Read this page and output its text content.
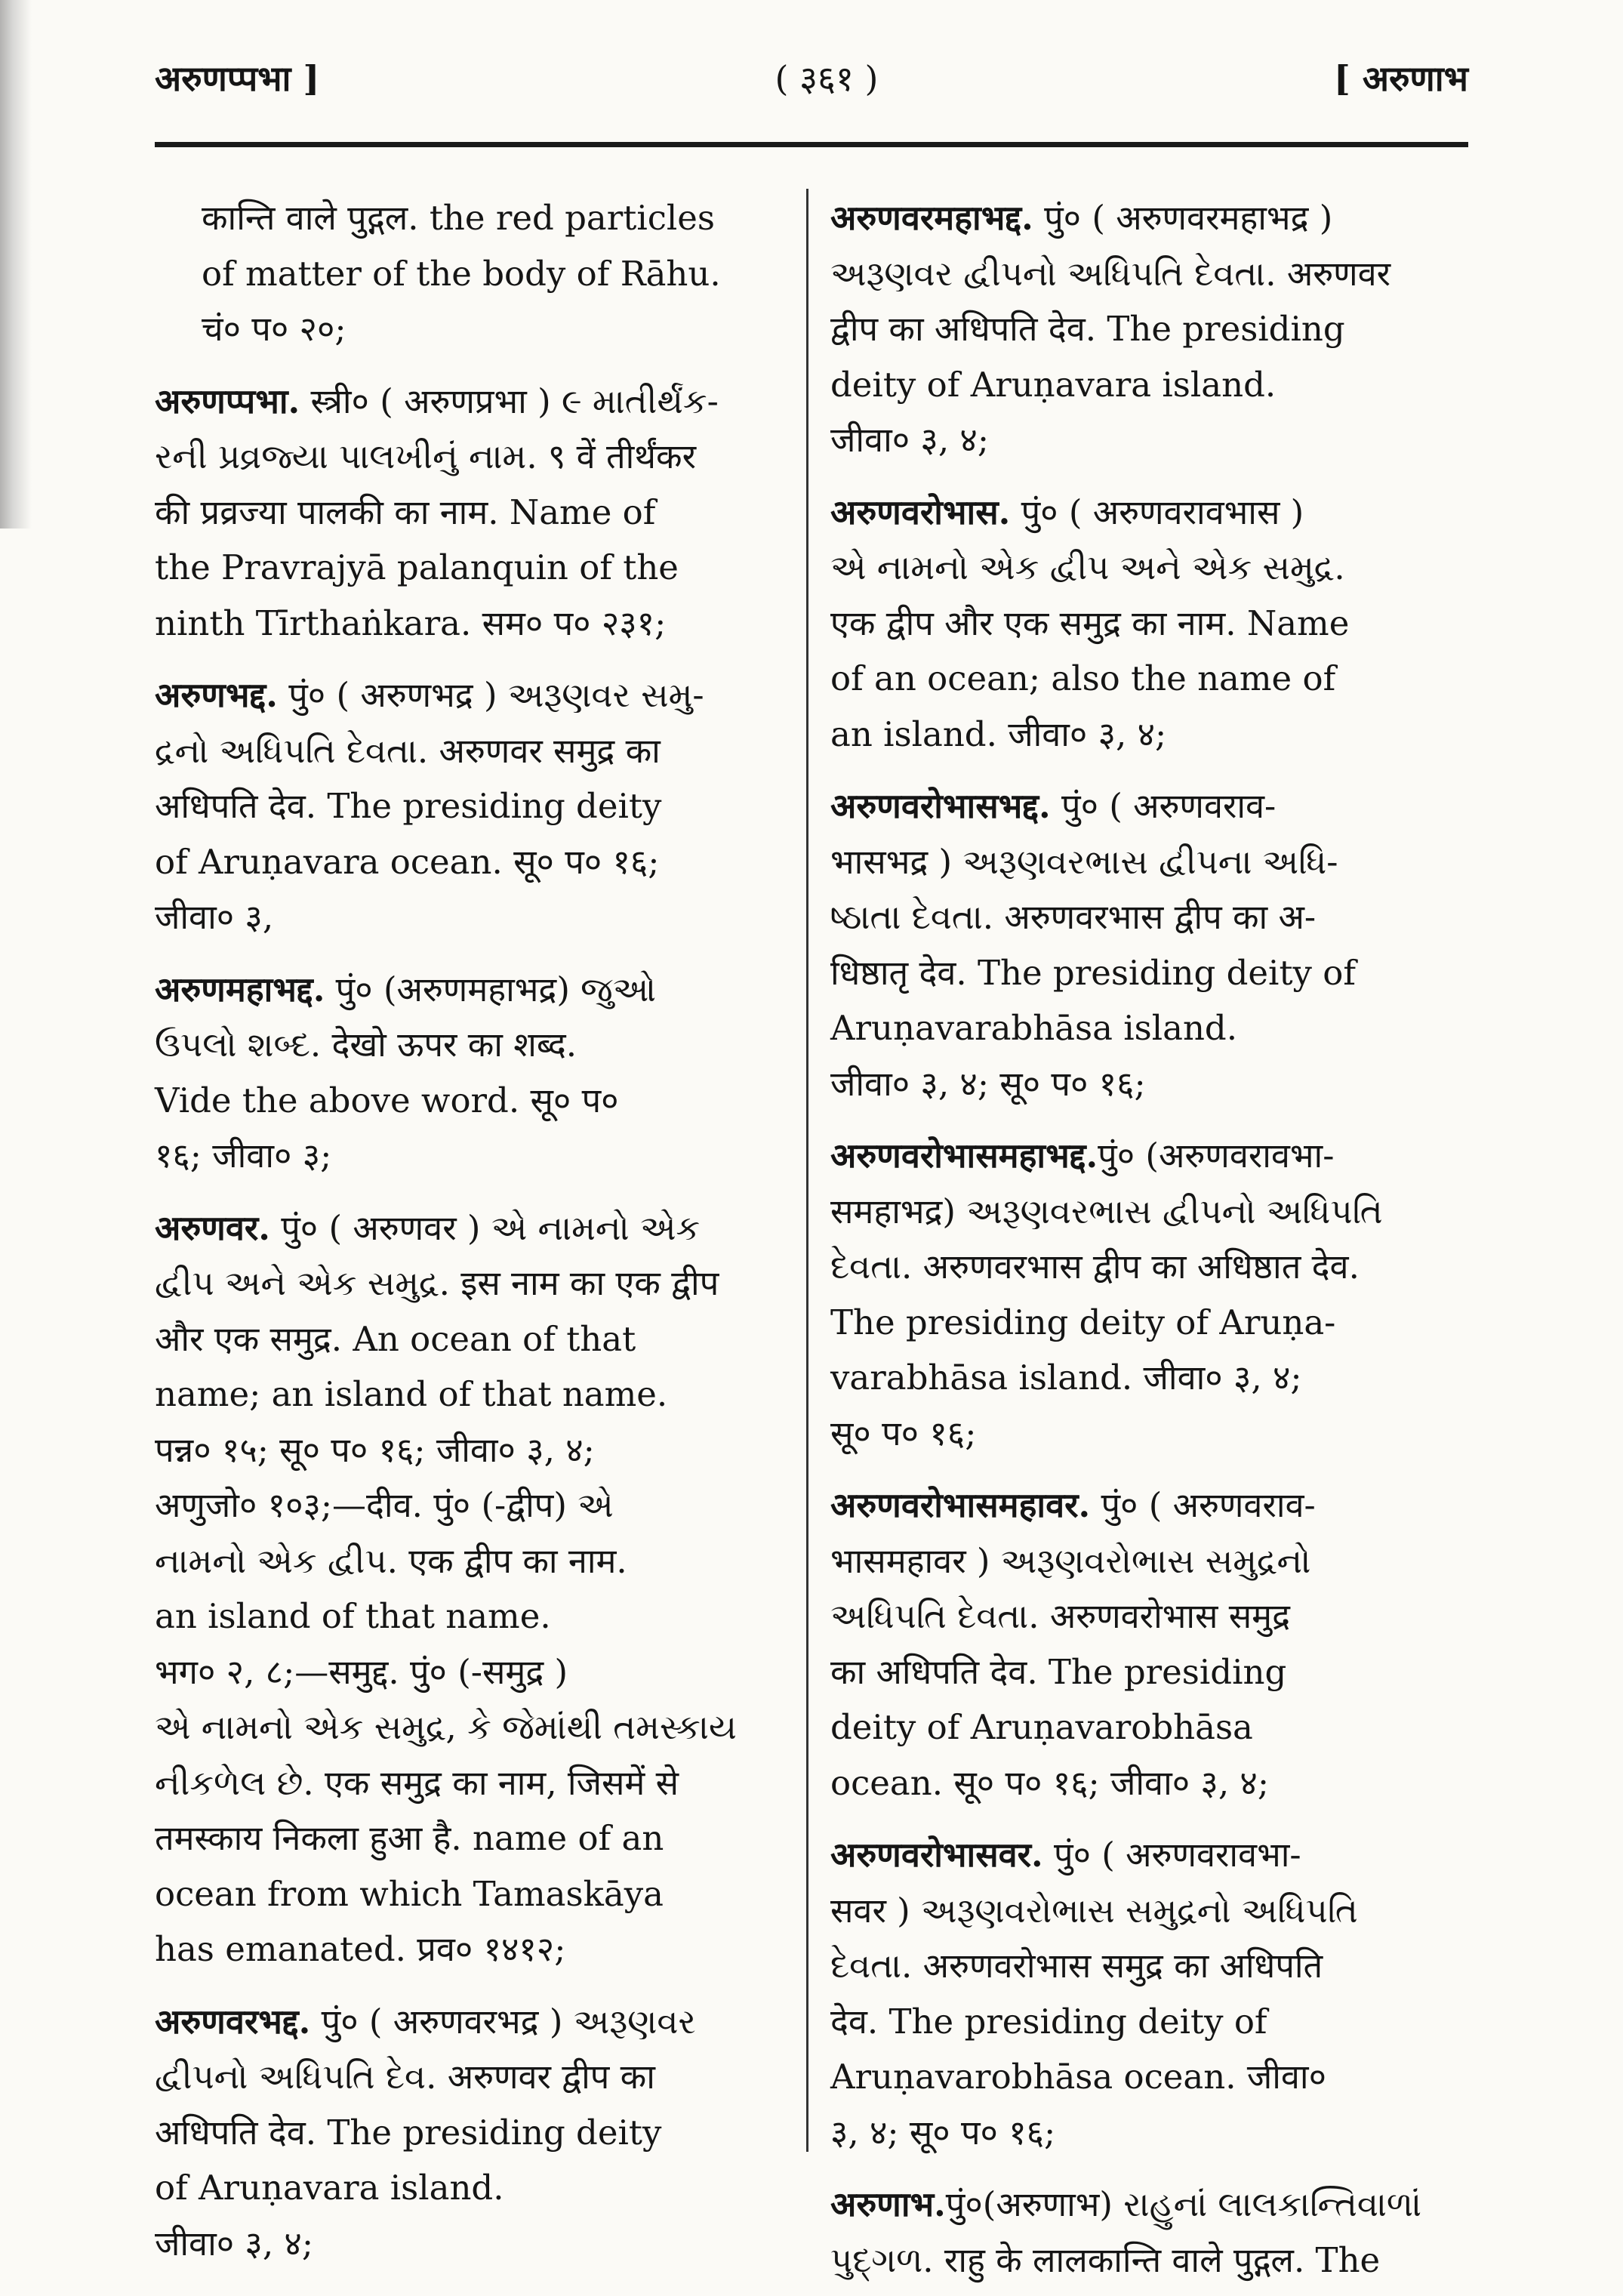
अरुणप्पभा ]	( ३६१ )	[ अरुणाभ
कान्ति वाले पुद्गल. the red particles
of matter of the body of Rāhu.
चं० प० २०;
अरुणप्पभा. स्त्री० ( अरुणप्रभा ) ૯ માતીર્થંક-
રની પ્રવ્રજ્યા પાલખીનું નામ. ९ वें तीर्थंकर
की प्रव्रज्या पालकी का नाम. Name of
the Pravrajyā palanquin of the
ninth Tīrthaṅkara. सम० प० २३१;
अरुणभद्द. पुं० ( अरुणभद्र ) અરૂણવર સમુ-
દ્રનો અધિપતિ દેવતા. अरुणवर समुद्र का
अधिपति देव. The presiding deity
of Aruṇavara ocean. सू० प० १६;
जीवा० ३,
अरुणमहाभद्द. पुं० (अरुणमहाभद्र) જુઓ
ઉપલો શબ્દ. देखो ऊपर का शब्द.
Vide the above word. सू० प०
१६; जीवा० ३;
अरुणवर. पुं० ( अरुणवर ) એ નામનો એક
દ્વીપ અને એક સમુદ્ર. इस नाम का एक द्वीप
और एक समुद्र. An ocean of that
name; an island of that name.
पन्न० १५; सू० प० १६; जीवा० ३, ४;
अणुजो० १०३;—दीव. पुं० (-द्वीप) એ
નામનો એક દ્વીપ. एक द्वीप का नाम.
an island of that name.
भग० २, ८;—समुद्द. पुं० (-समुद्र )
એ નામનો એક સમુદ્ર, કે જેમાંથી તમસ્કાય
નીકળેલ છે. एक समुद्र का नाम, जिसमें से
तमस्काय निकला हुआ है. name of an
ocean from which Tamaskāya
has emanated. प्रव० १४१२;
अरुणवरभद्द. पुं० ( अरुणवरभद्र ) અરૂણવર
દ્વીપનો અધિપતિ દેવ. अरुणवर द्वीप का
अधिपति देव. The presiding deity
of Aruṇavara island.
जीवा० ३, ४;
अरुणवरमहाभद्द. पुं० ( अरुणवरमहाभद्र )
અરૂણવર દ્વીપનો અધિપતિ દેવતા. अरुणवर
द्वीप का अधिपति देव. The presiding
deity of Aruṇavara island.
जीवा० ३, ४;
अरुणवरोभास. पुं० ( अरुणवरावभास )
એ નામનો એક દ્વીપ અને એક સમુદ્ર.
एक द्वीप और एक समुद्र का नाम. Name
of an ocean; also the name of
an island. जीवा० ३, ४;
अरुणवरोभासभद्द. पुं० ( अरुणवराव-
भासभद्र ) અરૂણવરભાસ દ્વીપના અધિ-
ષ્ઠાતા દેવતા. अरुणवरभास द्वीप का अ-
धिष्ठातृ देव. The presiding deity of
Aruṇavarabhāsa island.
जीवा० ३, ४; सू० प० १६;
अरुणवरोभासमहाभद्द.पुं० (अरुणवरावभा-
समहाभद्र) અરૂણવરભાસ દ્વીપનો અધિપતિ
દેવતા. अरुणवरभास द्वीप का अधिष्ठात देव.
The presiding deity of Aruṇa-
varabhāsa island. जीवा० ३, ४;
सू० प० १६;
अरुणवरोभासमहावर. पुं० ( अरुणवराव-
भासमहावर ) અરૂણવરોભાસ સમુદ્રનો
અધિપતિ દેવતા. अरुणवरोभास समुद्र
का अधिपति देव. The presiding
deity of Aruṇavarobhāsa
ocean. सू० प० १६; जीवा० ३, ४;
अरुणवरोभासवर. पुं० ( अरुणवरावभा-
सवर ) અરૂણવરોભાસ સમુદ્રનો અધિપતિ
દેવતા. अरुणवरोभास समुद्र का अधिपति
देव. The presiding deity of
Aruṇavarobhāsa ocean. जीवा०
३, ४; सू० प० १६;
अरुणाभ.पुं०(अरुणाभ) રાહુનાં લાલકાન્તિવાળાં
પુદ્ગળ. राहु के लालकान्ति वाले पुद्गल. The
